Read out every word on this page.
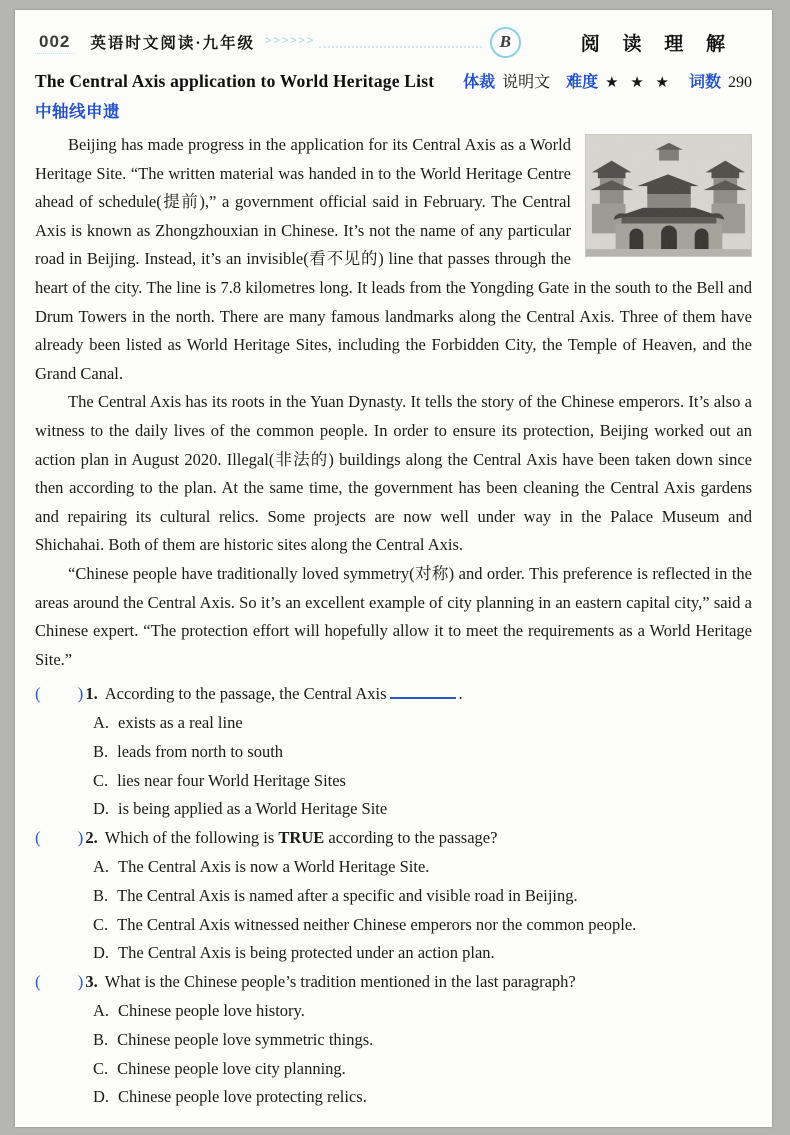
002 英语时文阅读·九年级 >>>>>>	B	阅 读 理 解
The Central Axis application to World Heritage List 体裁 说明文 难度 ★ ★ ★ 词数 290
中轴线申遗

Beijing has made progress in the application for its Central Axis as a World Heritage Site. “The written material was handed in to the World Heritage Centre ahead of schedule(提前),” a government official said in February. The Central Axis is known as Zhongzhouxian in Chinese. It’s not the name of any particular road in Beijing. Instead, it’s an invisible(看不见的) line that passes through the heart of the city. The line is 7.8 kilometres long. It leads from the Yongding Gate in the south to the Bell and Drum Towers in the north. There are many famous landmarks along the Central Axis. Three of them have already been listed as World Heritage Sites, including the Forbidden City, the Temple of Heaven, and the Grand Canal.

The Central Axis has its roots in the Yuan Dynasty. It tells the story of the Chinese emperors. It’s also a witness to the daily lives of the common people. In order to ensure its protection, Beijing worked out an action plan in August 2020. Illegal(非法的) buildings along the Central Axis have been taken down since then according to the plan. At the same time, the government has been cleaning the Central Axis gardens and repairing its cultural relics. Some projects are now well under way in the Palace Museum and Shichahai. Both of them are historic sites along the Central Axis.

“Chinese people have traditionally loved symmetry(对称) and order. This preference is reflected in the areas around the Central Axis. So it’s an excellent example of city planning in an eastern capital city,” said a Chinese expert. “The protection effort will hopefully allow it to meet the requirements as a World Heritage Site.”

( ) 1. According to the passage, the Central Axis	.
A. exists as a real line
B. leads from north to south
C. lies near four World Heritage Sites
D. is being applied as a World Heritage Site
( ) 2. Which of the following is TRUE according to the passage?
A. The Central Axis is now a World Heritage Site.
B. The Central Axis is named after a specific and visible road in Beijing.
C. The Central Axis witnessed neither Chinese emperors nor the common people.
D. The Central Axis is being protected under an action plan.
( ) 3. What is the Chinese people’s tradition mentioned in the last paragraph?
A. Chinese people love history.
B. Chinese people love symmetric things.
C. Chinese people love city planning.
D. Chinese people love protecting relics.
